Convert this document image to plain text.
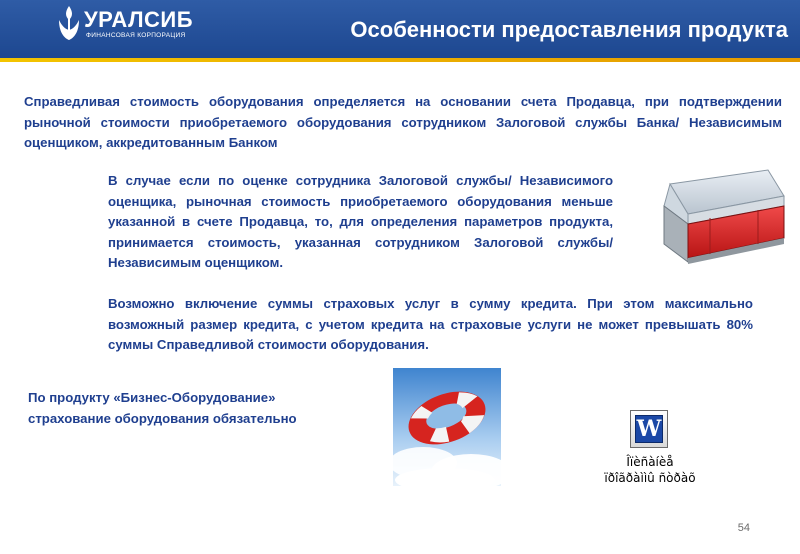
УРАЛСИБ
ФИНАНСОВАЯ КОРПОРАЦИЯ	Особенности предоставления продукта
Справедливая стоимость оборудования определяется на основании счета Продавца, при подтверждении рыночной стоимости приобретаемого оборудования сотрудником Залоговой службы Банка/ Независимым оценщиком, аккредитованным Банком
В случае если по оценке сотрудника Залоговой службы/ Независимого оценщика, рыночная стоимость приобретаемого оборудования меньше указанной в счете Продавца, то, для определения параметров продукта, принимается стоимость, указанная сотрудником Залоговой службы/ Независимым оценщиком.
Возможно включение суммы страховых услуг в сумму кредита. При этом максимально возможный размер кредита, с учетом кредита на страховые услуги не может превышать 80% суммы Справедливой стоимости оборудования.
По продукту «Бизнес-Оборудование»
страхование оборудования обязательно	W
Îïèñàíèå
ïðîãðàììû ñòðàõ
54
